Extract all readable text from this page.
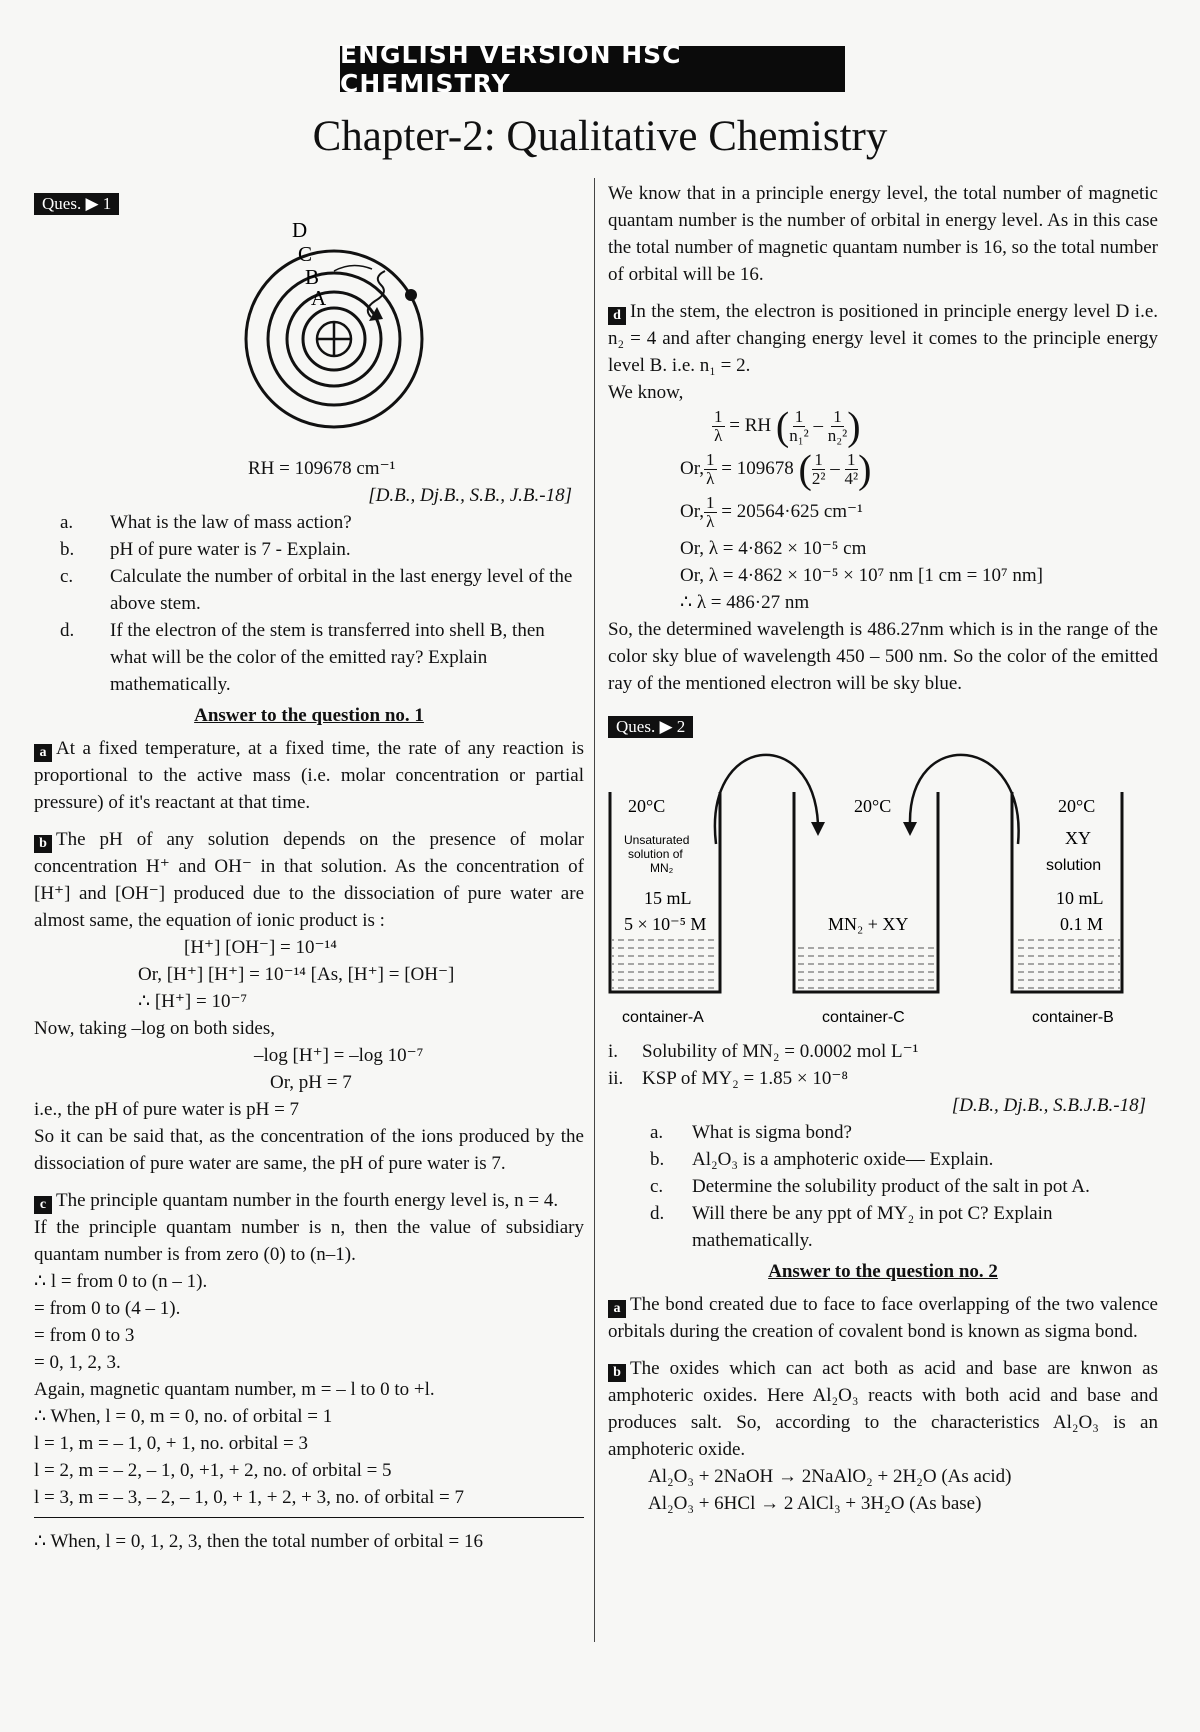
ENGLISH VERSION HSC CHEMISTRY
Chapter-2: Qualitative Chemistry
Ques. ▶ 1
D
C
B
A
RH = 109678 cm⁻¹
[D.B., Dj.B., S.B., J.B.-18]
a.	What is the law of mass action?
b.	pH of pure water is 7 - Explain.
c.	Calculate the number of orbital in the last energy level of the above stem.
d.	If the electron of the stem is transferred into shell B, then what will be the color of the emitted ray? Explain mathematically.
Answer to the question no. 1

a At a fixed temperature, at a fixed time, the rate of any reaction is proportional to the active mass (i.e. molar concentration or partial pressure) of it's reactant at that time.

b The pH of any solution depends on the presence of molar concentration H⁺ and OH⁻ in that solution. As the concentration of [H⁺] and [OH⁻] produced due to the dissociation of pure water are almost same, the equation of ionic product is :

[H⁺] [OH⁻] = 10⁻¹⁴
Or, [H⁺] [H⁺] = 10⁻¹⁴ [As, [H⁺] = [OH⁻]
∴ [H⁺] = 10⁻⁷
Now, taking –log on both sides,
–log [H⁺] = –log 10⁻⁷
Or, pH = 7
i.e., the pH of pure water is pH = 7

So it can be said that, as the concentration of the ions produced by the dissociation of pure water are same, the pH of pure water is 7.

c The principle quantam number in the fourth energy level is, n = 4.

If the principle quantam number is n, then the value of subsidiary quantam number is from zero (0) to (n–1).

∴ l = from 0 to (n – 1).
= from 0 to (4 – 1).
= from 0 to 3
= 0, 1, 2, 3.
Again, magnetic quantam number, m = – l to 0 to +l.
∴ When, l = 0, m = 0, no. of orbital = 1
l = 1, m = – 1, 0, + 1, no. orbital = 3
l = 2, m = – 2, – 1, 0, +1, + 2, no. of orbital = 5
l = 3, m = – 3, – 2, – 1, 0, + 1, + 2, + 3, no. of orbital = 7
∴ When, l = 0, 1, 2, 3, then the total number of orbital = 16

We know that in a principle energy level, the total number of magnetic quantam number is the number of orbital in energy level. As in this case the total number of magnetic quantam number is 16, so the total number of orbital will be 16.

d In the stem, the electron is positioned in principle energy level D i.e. n₂ = 4 and after changing energy level it comes to the principle energy level B. i.e. n₁ = 2.

We know,
$\frac{1}{\lambda}$ = RH ( $\frac{1}{\text{n₁²}} - \frac{1}{\text{n₂²}}$ )
Or, $\frac{1}{\lambda} = 109678$ ( $\frac{1}{\text{2²}} - \frac{1}{\text{4²}}$ )
Or, $\frac{1}{\lambda} = 20564\cdot 625$ cm⁻¹
Or, λ = 4·862 × 10⁻⁵ cm
Or, λ = 4·862 × 10⁻⁵ × 10⁷ nm [1 cm = 10⁷ nm]
∴ λ = 486·27 nm

So, the determined wavelength is 486.27nm which is in the range of the color sky blue of wavelength 450 – 500 nm. So the color of the emitted ray of the mentioned electron will be sky blue.

Ques. ▶ 2
20°C
Unsaturated
solution of
MN₂
15 mL
5 × 10⁻⁵ M
container-A
20°C
MN₂ + XY
container-C
20°C
XY
solution
10 mL
0.1 M
container-B
i.	Solubility of MN₂ = 0.0002 mol L⁻¹
ii. KSP of MY₂ = 1.85 × 10⁻⁸
[D.B., Dj.B., S.B.J.B.-18]
a.	What is sigma bond?
b.	Al₂O₃ is a amphoteric oxide— Explain.
c.	Determine the solubility product of the salt in pot A.
d.	Will there be any ppt of MY₂ in pot C? Explain mathematically.
Answer to the question no. 2

a The bond created due to face to face overlapping of the two valence orbitals during the creation of covalent bond is known as sigma bond.

b The oxides which can act both as acid and base are knwon as amphoteric oxides. Here Al₂O₃ reacts with both acid and base and produces salt. So, according to the characteristics Al₂O₃ is an amphoteric oxide.

Al₂O₃ + 2NaOH → 2NaAlO₂ + 2H₂O (As acid)
Al₂O₃ + 6HCl → 2 AlCl₃ + 3H₂O (As base)
